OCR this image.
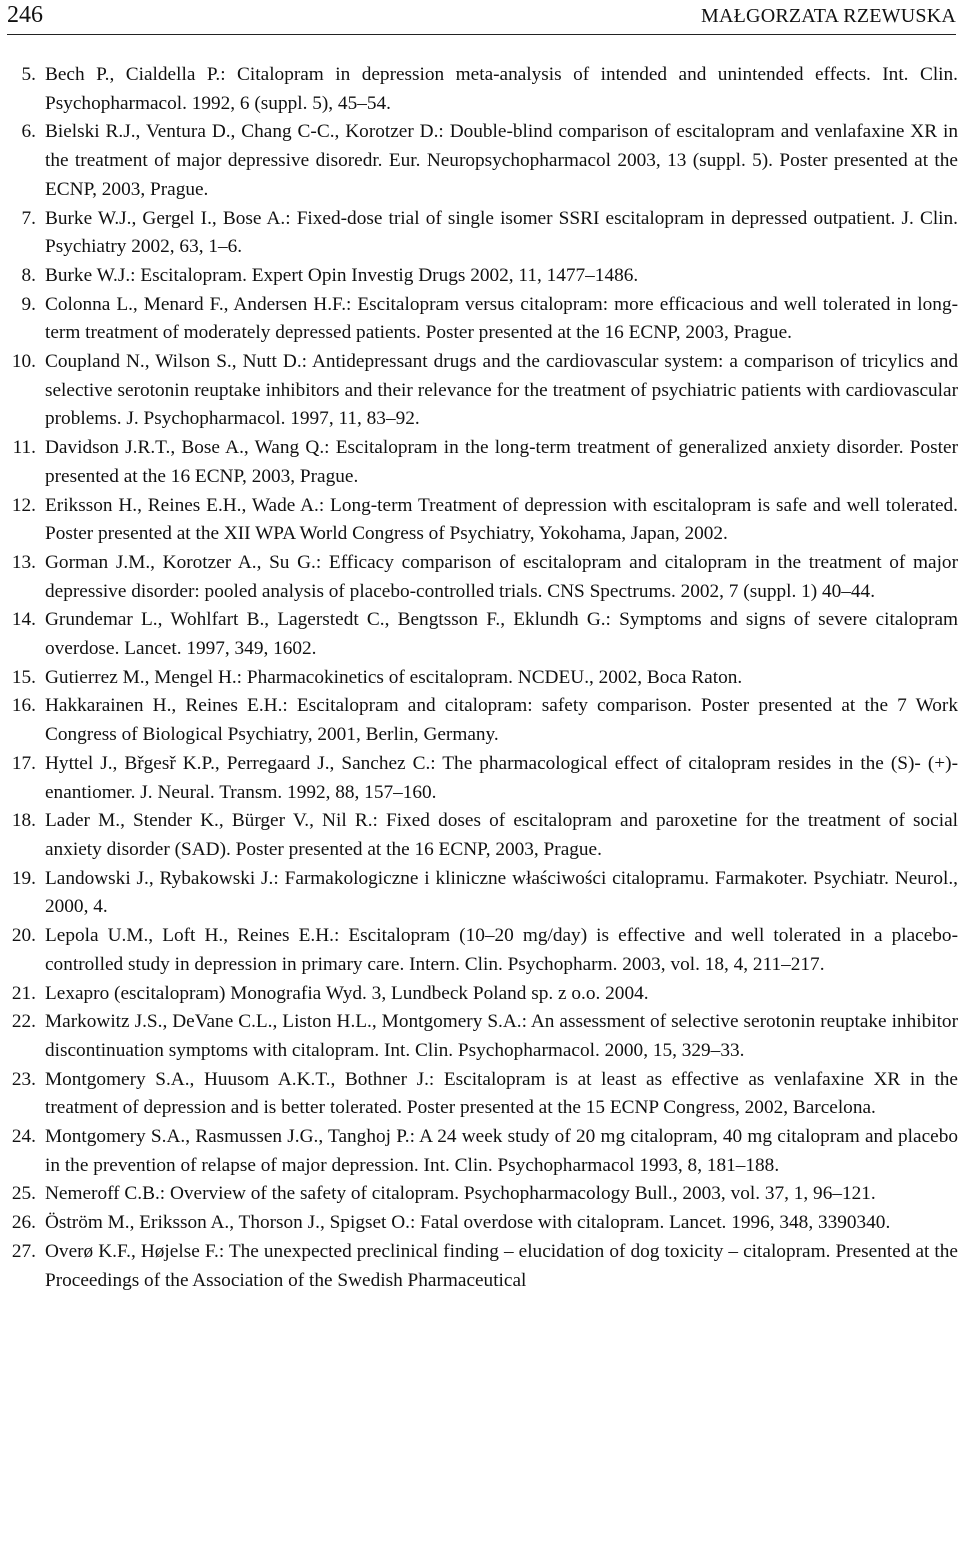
246	MAŁGORZATA RZEWUSKA
5. Bech P., Cialdella P.: Citalopram in depression meta-analysis of intended and unintended effects. Int. Clin. Psychopharmacol. 1992, 6 (suppl. 5), 45–54.
6. Bielski R.J., Ventura D., Chang C-C., Korotzer D.: Double-blind comparison of escitalopram and venlafaxine XR in the treatment of major depressive disoredr. Eur. Neuropsychopharmacol 2003, 13 (suppl. 5). Poster presented at the ECNP, 2003, Prague.
7. Burke W.J., Gergel I., Bose A.: Fixed-dose trial of single isomer SSRI escitalopram in depressed outpatient. J. Clin. Psychiatry 2002, 63, 1–6.
8. Burke W.J.: Escitalopram. Expert Opin Investig Drugs 2002, 11, 1477–1486.
9. Colonna L., Menard F., Andersen H.F.: Escitalopram versus citalopram: more efficacious and well tolerated in long-term treatment of moderately depressed patients. Poster presented at the 16 ECNP, 2003, Prague.
10. Coupland N., Wilson S., Nutt D.: Antidepressant drugs and the cardiovascular system: a comparison of tricylics and selective serotonin reuptake inhibitors and their relevance for the treatment of psychiatric patients with cardiovascular problems. J. Psychopharmacol. 1997, 11, 83–92.
11. Davidson J.R.T., Bose A., Wang Q.: Escitalopram in the long-term treatment of generalized anxiety disorder. Poster presented at the 16 ECNP, 2003, Prague.
12. Eriksson H., Reines E.H., Wade A.: Long-term Treatment of depression with escitalopram is safe and well tolerated. Poster presented at the XII WPA World Congress of Psychiatry, Yokohama, Japan, 2002.
13. Gorman J.M., Korotzer A., Su G.: Efficacy comparison of escitalopram and citalopram in the treatment of major depressive disorder: pooled analysis of placebo-controlled trials. CNS Spectrums. 2002, 7 (suppl. 1) 40–44.
14. Grundemar L., Wohlfart B., Lagerstedt C., Bengtsson F., Eklundh G.: Symptoms and signs of severe citalopram overdose. Lancet. 1997, 349, 1602.
15. Gutierrez M., Mengel H.: Pharmacokinetics of escitalopram. NCDEU., 2002, Boca Raton.
16. Hakkarainen H., Reines E.H.: Escitalopram and citalopram: safety comparison. Poster presented at the 7 Work Congress of Biological Psychiatry, 2001, Berlin, Germany.
17. Hyttel J., Břgesř K.P., Perregaard J., Sanchez C.: The pharmacological effect of citalopram resides in the (S)- (+)-enantiomer. J. Neural. Transm. 1992, 88, 157–160.
18. Lader M., Stender K., Bürger V., Nil R.: Fixed doses of escitalopram and paroxetine for the treatment of social anxiety disorder (SAD). Poster presented at the 16 ECNP, 2003, Prague.
19. Landowski J., Rybakowski J.: Farmakologiczne i kliniczne właściwości citalopramu. Farmakoter. Psychiatr. Neurol., 2000, 4.
20. Lepola U.M., Loft H., Reines E.H.: Escitalopram (10–20 mg/day) is effective and well tolerated in a placebo-controlled study in depression in primary care. Intern. Clin. Psychopharm. 2003, vol. 18, 4, 211–217.
21. Lexapro (escitalopram) Monografia Wyd. 3, Lundbeck Poland sp. z o.o. 2004.
22. Markowitz J.S., DeVane C.L., Liston H.L., Montgomery S.A.: An assessment of selective serotonin reuptake inhibitor discontinuation symptoms with citalopram. Int. Clin. Psychopharmacol. 2000, 15, 329–33.
23. Montgomery S.A., Huusom A.K.T., Bothner J.: Escitalopram is at least as effective as venlafaxine XR in the treatment of depression and is better tolerated. Poster presented at the 15 ECNP Congress, 2002, Barcelona.
24. Montgomery S.A., Rasmussen J.G., Tanghoj P.: A 24 week study of 20 mg citalopram, 40 mg citalopram and placebo in the prevention of relapse of major depression. Int. Clin. Psychopharmacol 1993, 8, 181–188.
25. Nemeroff C.B.: Overview of the safety of citalopram. Psychopharmacology Bull., 2003, vol. 37, 1, 96–121.
26. Öström M., Eriksson A., Thorson J., Spigset O.: Fatal overdose with citalopram. Lancet. 1996, 348, 3390340.
27. Overø K.F., Højelse F.: The unexpected preclinical finding – elucidation of dog toxicity – citalopram. Presented at the Proceedings of the Association of the Swedish Pharmaceutical
